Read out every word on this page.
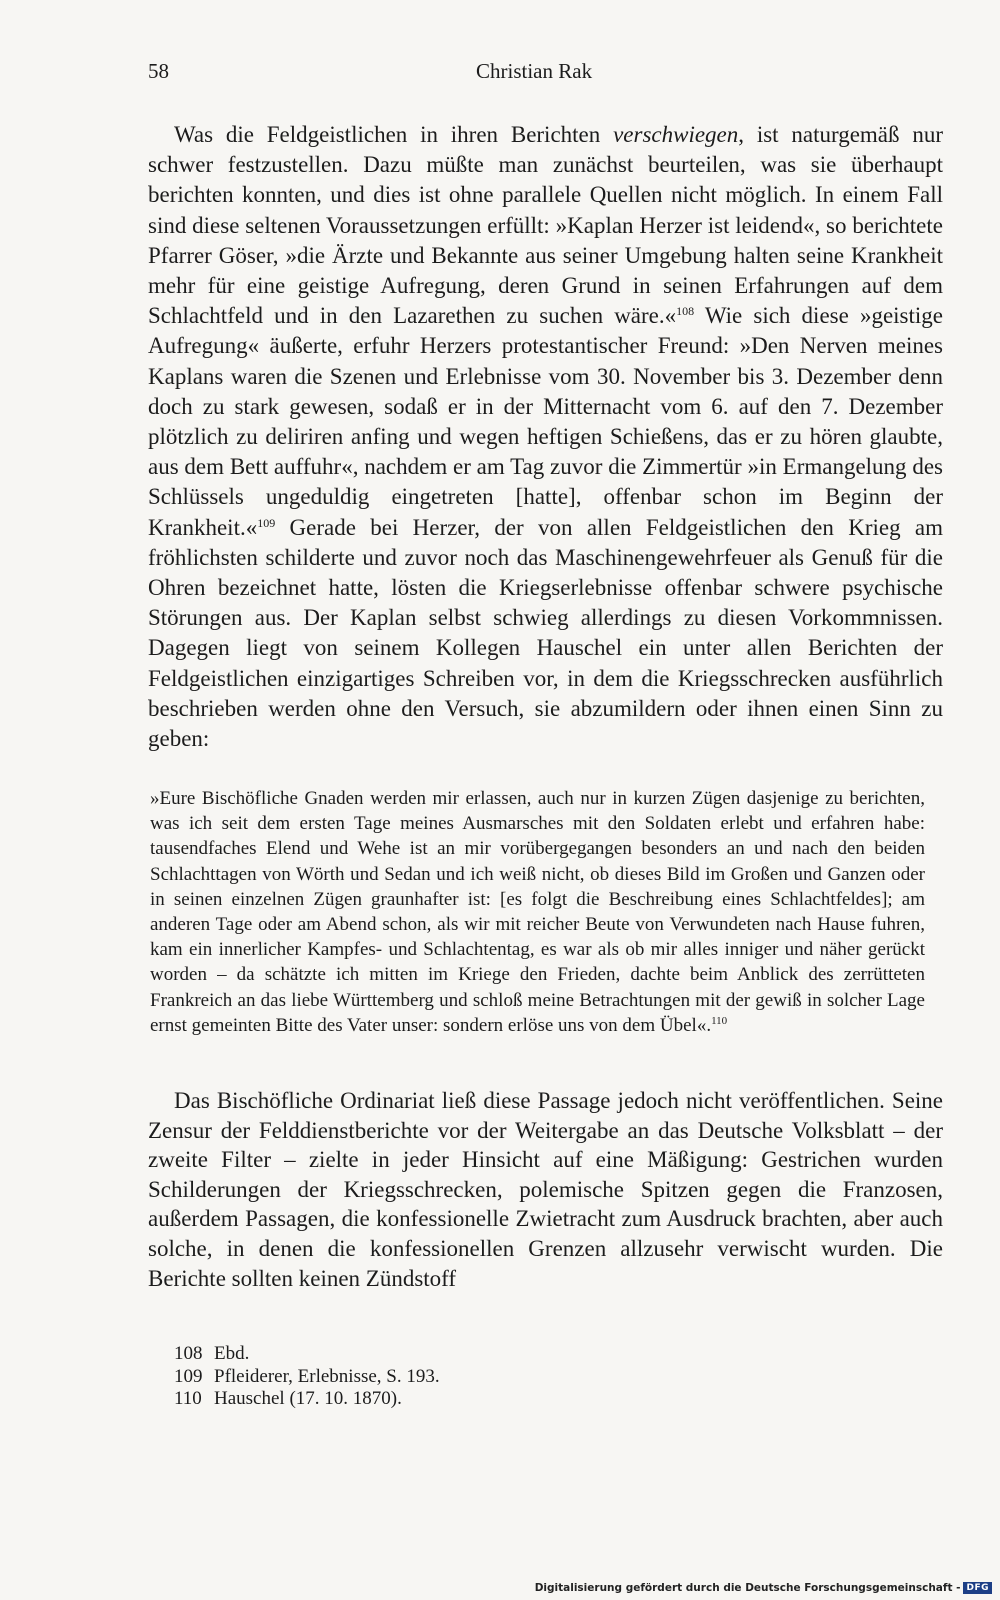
58	Christian Rak

Was die Feldgeistlichen in ihren Berichten verschwiegen, ist naturgemäß nur schwer festzustellen. Dazu müßte man zunächst beurteilen, was sie überhaupt berichten konnten, und dies ist ohne parallele Quellen nicht möglich. In einem Fall sind diese seltenen Voraussetzungen erfüllt: »Kaplan Herzer ist leidend«, so berichtete Pfarrer Göser, »die Ärzte und Bekannte aus seiner Umgebung halten seine Krankheit mehr für eine geistige Aufregung, deren Grund in seinen Erfahrungen auf dem Schlachtfeld und in den Lazarethen zu suchen wäre.«$^{108}$ Wie sich diese »geistige Aufregung« äußerte, erfuhr Herzers protestantischer Freund: »Den Nerven meines Kaplans waren die Szenen und Erlebnisse vom 30. November bis 3. Dezember denn doch zu stark gewesen, sodaß er in der Mitternacht vom 6. auf den 7. Dezember plötzlich zu deliriren anfing und wegen heftigen Schießens, das er zu hören glaubte, aus dem Bett auffuhr«, nachdem er am Tag zuvor die Zimmertür »in Ermangelung des Schlüssels ungeduldig eingetreten [hatte], offenbar schon im Beginn der Krankheit.«$^{109}$ Gerade bei Herzer, der von allen Feldgeistlichen den Krieg am fröhlichsten schilderte und zuvor noch das Maschinengewehrfeuer als Genuß für die Ohren bezeichnet hatte, lösten die Kriegserlebnisse offenbar schwere psychische Störungen aus. Der Kaplan selbst schwieg allerdings zu diesen Vorkommnissen. Dagegen liegt von seinem Kollegen Hauschel ein unter allen Berichten der Feldgeistlichen einzigartiges Schreiben vor, in dem die Kriegsschrecken ausführlich beschrieben werden ohne den Versuch, sie abzumildern oder ihnen einen Sinn zu geben:

»Eure Bischöfliche Gnaden werden mir erlassen, auch nur in kurzen Zügen dasjenige zu berichten, was ich seit dem ersten Tage meines Ausmarsches mit den Soldaten erlebt und erfahren habe: tausendfaches Elend und Wehe ist an mir vorübergegangen besonders an und nach den beiden Schlachttagen von Wörth und Sedan und ich weiß nicht, ob dieses Bild im Großen und Ganzen oder in seinen einzelnen Zügen graunhafter ist: [es folgt die Beschreibung eines Schlachtfeldes]; am anderen Tage oder am Abend schon, als wir mit reicher Beute von Verwundeten nach Hause fuhren, kam ein innerlicher Kampfes- und Schlachtentag, es war als ob mir alles inniger und näher gerückt worden – da schätzte ich mitten im Kriege den Frieden, dachte beim Anblick des zerrütteten Frankreich an das liebe Württemberg und schloß meine Betrachtungen mit der gewiß in solcher Lage ernst gemeinten Bitte des Vater unser: sondern erlöse uns von dem Übel«.$^{110}$

Das Bischöfliche Ordinariat ließ diese Passage jedoch nicht veröffentlichen. Seine Zensur der Felddienstberichte vor der Weitergabe an das Deutsche Volksblatt – der zweite Filter – zielte in jeder Hinsicht auf eine Mäßigung: Gestrichen wurden Schilderungen der Kriegsschrecken, polemische Spitzen gegen die Franzosen, außerdem Passagen, die konfessionelle Zwietracht zum Ausdruck brachten, aber auch solche, in denen die konfessionellen Grenzen allzusehr verwischt wurden. Die Berichte sollten keinen Zündstoff

108 Ebd.
109 Pfleiderer, Erlebnisse, S. 193.
110 Hauschel (17. 10. 1870).
Digitalisierung gefördert durch die Deutsche Forschungsgemeinschaft - DFG
